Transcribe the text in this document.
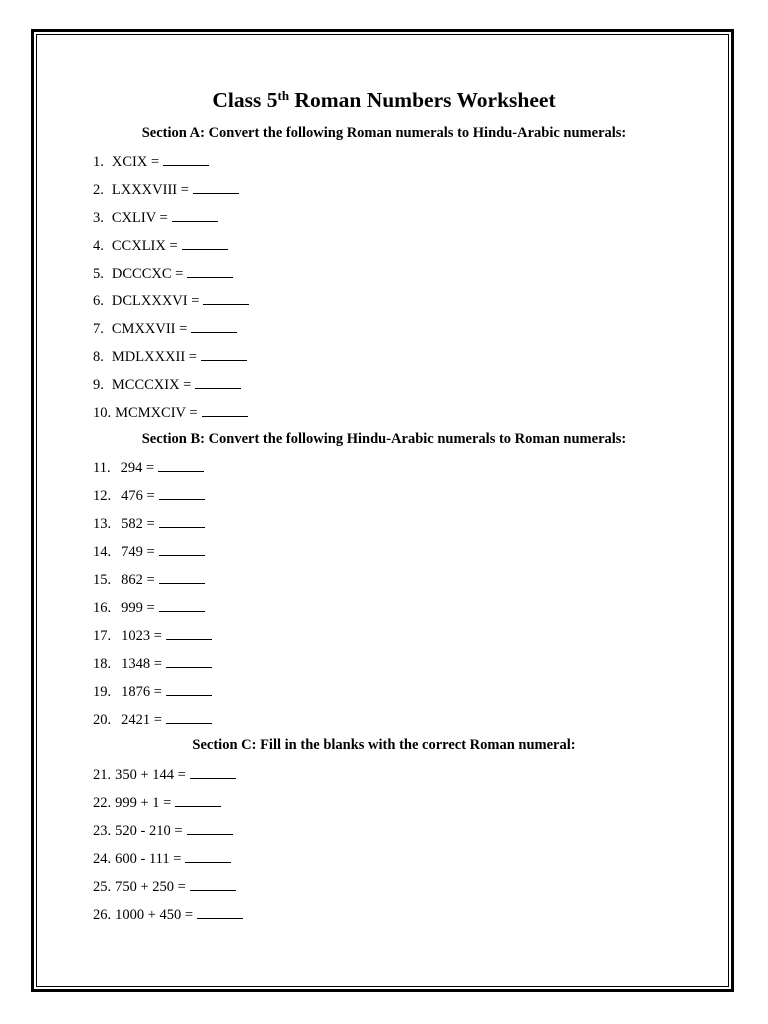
Class 5th Roman Numbers Worksheet
Section A: Convert the following Roman numerals to Hindu-Arabic numerals:
1. XCIX =
2. LXXXVIII =
3. CXLIV =
4. CCXLIX =
5. DCCCXC =
6. DCLXXXVI =
7. CMXXVII =
8. MDLXXXII =
9. MCCCXIX =
10. MCMXCIV =
Section B: Convert the following Hindu-Arabic numerals to Roman numerals:
11. 294 =
12. 476 =
13. 582 =
14. 749 =
15. 862 =
16. 999 =
17. 1023 =
18. 1348 =
19. 1876 =
20. 2421 =
Section C: Fill in the blanks with the correct Roman numeral:
21. 350 + 144 =
22. 999 + 1 =
23. 520 - 210 =
24. 600 - 111 =
25. 750 + 250 =
26. 1000 + 450 =
